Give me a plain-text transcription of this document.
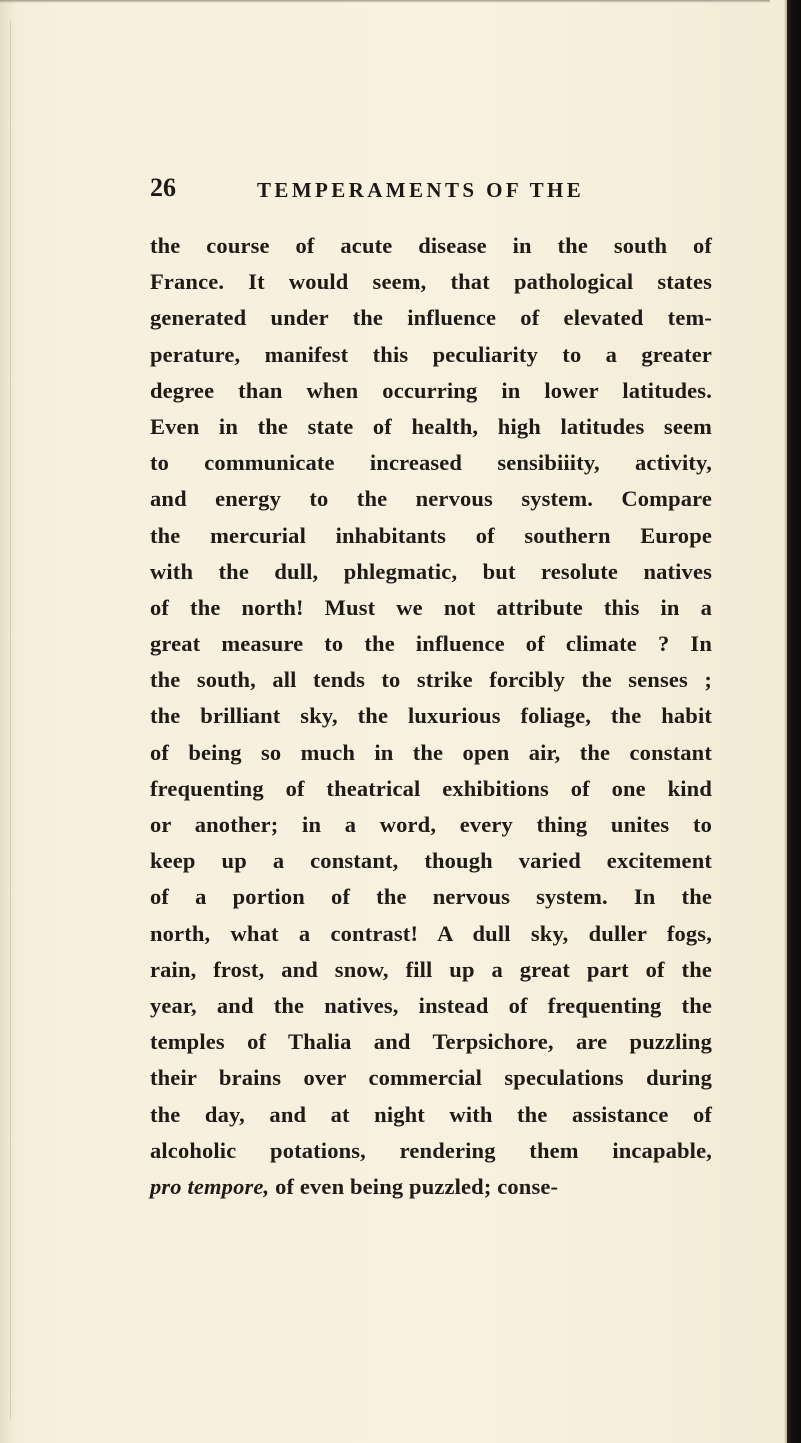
26	TEMPERAMENTS OF THE
the course of acute disease in the south of
France. It would seem, that pathological states
generated under the influence of elevated tem-
perature, manifest this peculiarity to a greater
degree than when occurring in lower latitudes.
Even in the state of health, high latitudes seem
to communicate increased sensibiiity, activity,
and energy to the nervous system. Compare
the mercurial inhabitants of southern Europe
with the dull, phlegmatic, but resolute natives
of the north! Must we not attribute this in a
great measure to the influence of climate ? In
the south, all tends to strike forcibly the senses ;
the brilliant sky, the luxurious foliage, the habit
of being so much in the open air, the constant
frequenting of theatrical exhibitions of one kind
or another; in a word, every thing unites to
keep up a constant, though varied excitement
of a portion of the nervous system. In the
north, what a contrast! A dull sky, duller fogs,
rain, frost, and snow, fill up a great part of the
year, and the natives, instead of frequenting the
temples of Thalia and Terpsichore, are puzzling
their brains over commercial speculations during
the day, and at night with the assistance of
alcoholic potations, rendering them incapable,
pro tempore, of even being puzzled; conse-
